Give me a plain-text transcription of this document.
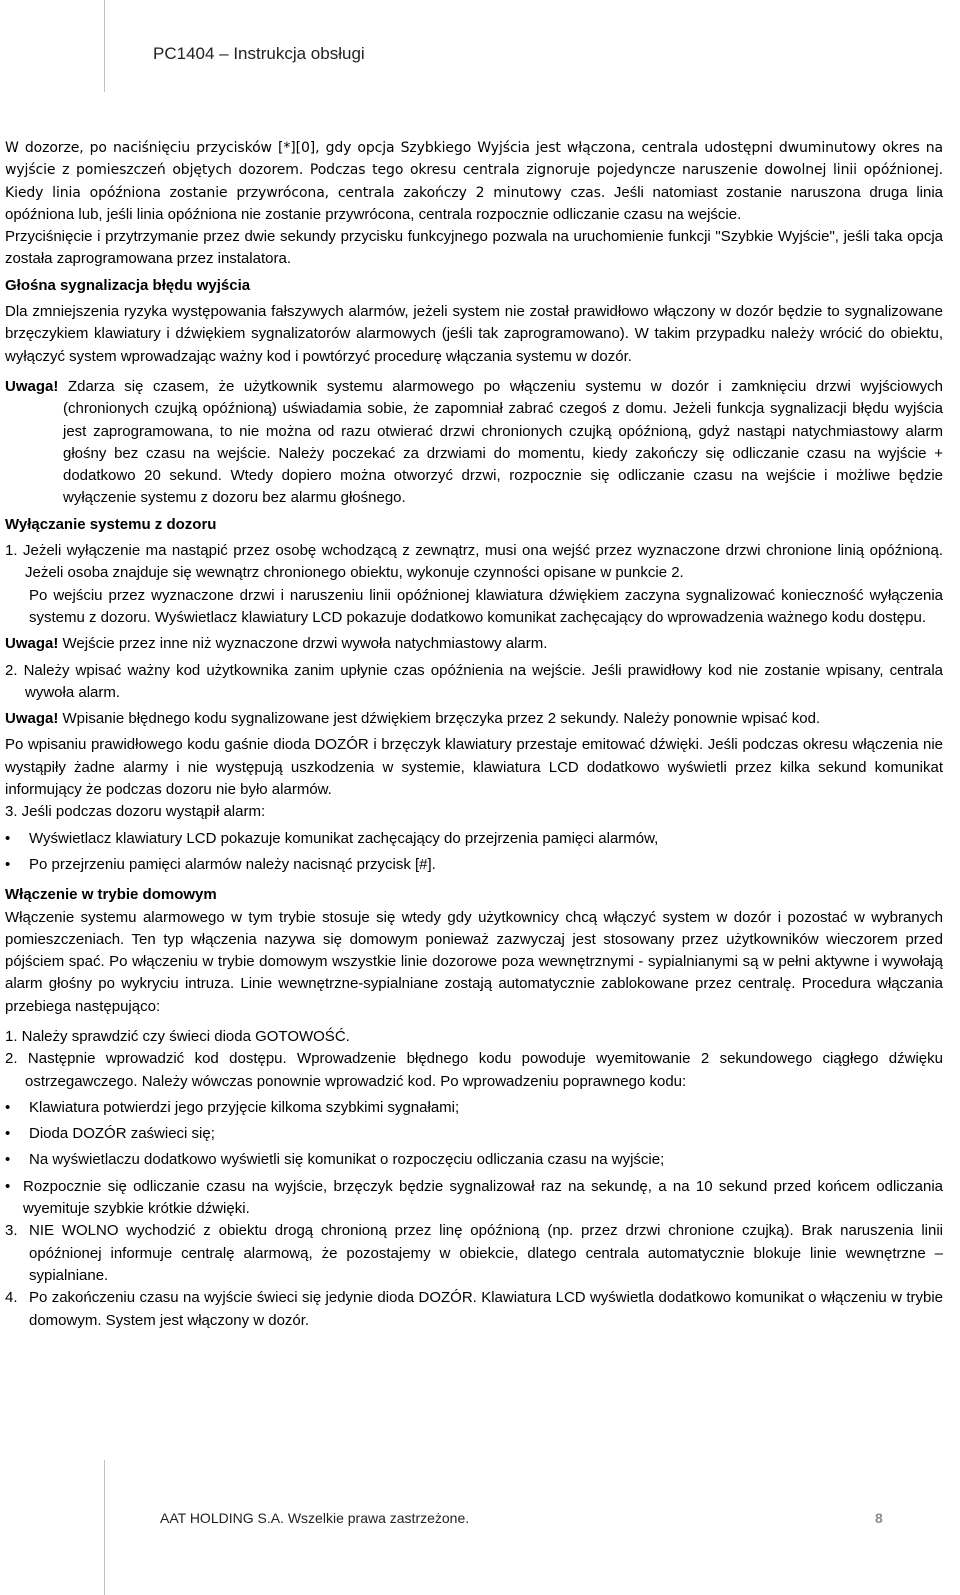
PC1404 – Instrukcja obsługi

W dozorze, po naciśnięciu przycisków [*][0], gdy opcja Szybkiego Wyjścia jest włączona, centrala udostępni dwuminutowy okres na wyjście z pomieszczeń objętych dozorem. Podczas tego okresu centrala zignoruje pojedyncze naruszenie dowolnej linii opóźnionej. Kiedy linia opóźniona zostanie przywrócona, centrala zakończy 2 minutowy czas. Jeśli natomiast zostanie naruszona druga linia opóźniona lub, jeśli linia opóźniona nie zostanie przywrócona, centrala rozpocznie odliczanie czasu na wejście.

Przyciśnięcie i przytrzymanie przez dwie sekundy przycisku funkcyjnego pozwala na uruchomienie funkcji "Szybkie Wyjście", jeśli taka opcja została zaprogramowana przez instalatora.

Głośna sygnalizacja błędu wyjścia

Dla zmniejszenia ryzyka występowania fałszywych alarmów, jeżeli system nie został prawidłowo włączony w dozór będzie to sygnalizowane brzęczykiem klawiatury i dźwiękiem sygnalizatorów alarmowych (jeśli tak zaprogramowano). W takim przypadku należy wrócić do obiektu, wyłączyć system wprowadzając ważny kod i powtórzyć procedurę włączania systemu w dozór.

Uwaga! Zdarza się czasem, że użytkownik systemu alarmowego po włączeniu systemu w dozór i zamknięciu drzwi wyjściowych (chronionych czujką opóźnioną) uświadamia sobie, że zapomniał zabrać czegoś z domu. Jeżeli funkcja sygnalizacji błędu wyjścia jest zaprogramowana, to nie można od razu otwierać drzwi chronionych czujką opóźnioną, gdyż nastąpi natychmiastowy alarm głośny bez czasu na wejście. Należy poczekać za drzwiami do momentu, kiedy zakończy się odliczanie czasu na wyjście + dodatkowo 20 sekund. Wtedy dopiero można otworzyć drzwi, rozpocznie się odliczanie czasu na wejście i możliwe będzie wyłączenie systemu z dozoru bez alarmu głośnego.

Wyłączanie systemu z dozoru

1. Jeżeli wyłączenie ma nastąpić przez osobę wchodzącą z zewnątrz, musi ona wejść przez wyznaczone drzwi chronione linią opóźnioną. Jeżeli osoba znajduje się wewnątrz chronionego obiektu, wykonuje czynności opisane w punkcie 2.

Po wejściu przez wyznaczone drzwi i naruszeniu linii opóźnionej klawiatura dźwiękiem zaczyna sygnalizować konieczność wyłączenia systemu z dozoru. Wyświetlacz klawiatury LCD pokazuje dodatkowo komunikat zachęcający do wprowadzenia ważnego kodu dostępu.

Uwaga! Wejście przez inne niż wyznaczone drzwi wywoła natychmiastowy alarm.

2. Należy wpisać ważny kod użytkownika zanim upłynie czas opóźnienia na wejście. Jeśli prawidłowy kod nie zostanie wpisany, centrala wywoła alarm.

Uwaga! Wpisanie błędnego kodu sygnalizowane jest dźwiękiem brzęczyka przez 2 sekundy. Należy ponownie wpisać kod.

Po wpisaniu prawidłowego kodu gaśnie dioda DOZÓR i brzęczyk klawiatury przestaje emitować dźwięki. Jeśli podczas okresu włączenia nie wystąpiły żadne alarmy i nie występują uszkodzenia w systemie, klawiatura LCD dodatkowo wyświetli przez kilka sekund komunikat informujący że podczas dozoru nie było alarmów.

3. Jeśli podczas dozoru wystąpił alarm:

•	Wyświetlacz klawiatury LCD pokazuje komunikat zachęcający do przejrzenia pamięci alarmów,
•	Po przejrzeniu pamięci alarmów należy nacisnąć przycisk [#].

Włączenie w trybie domowym

Włączenie systemu alarmowego w tym trybie stosuje się wtedy gdy użytkownicy chcą włączyć system w dozór i pozostać w wybranych pomieszczeniach. Ten typ włączenia nazywa się domowym ponieważ zazwyczaj jest stosowany przez użytkowników wieczorem przed pójściem spać. Po włączeniu w trybie domowym wszystkie linie dozorowe poza wewnętrznymi - sypialnianymi są w pełni aktywne i wywołają alarm głośny po wykryciu intruza. Linie wewnętrzne-sypialniane zostają automatycznie zablokowane przez centralę. Procedura włączania przebiega następująco:

1. Należy sprawdzić czy świeci dioda GOTOWOŚĆ.

2. Następnie wprowadzić kod dostępu. Wprowadzenie błędnego kodu powoduje wyemitowanie 2 sekundowego ciągłego dźwięku ostrzegawczego. Należy wówczas ponownie wprowadzić kod. Po wprowadzeniu poprawnego kodu:

•	Klawiatura potwierdzi jego przyjęcie kilkoma szybkimi sygnałami;
•	Dioda DOZÓR zaświeci się;
•	Na wyświetlaczu dodatkowo wyświetli się komunikat o rozpoczęciu odliczania czasu na wyjście;
• Rozpocznie się odliczanie czasu na wyjście, brzęczyk będzie sygnalizował raz na sekundę, a na 10 sekund przed końcem odliczania wyemituje szybkie krótkie dźwięki.
3. NIE WOLNO wychodzić z obiektu drogą chronioną przez linę opóźnioną (np. przez drzwi chronione czujką). Brak naruszenia linii opóźnionej informuje centralę alarmową, że pozostajemy w obiekcie, dlatego centrala automatycznie blokuje linie wewnętrzne – sypialniane.
4. Po zakończeniu czasu na wyjście świeci się jedynie dioda DOZÓR. Klawiatura LCD wyświetla dodatkowo komunikat o włączeniu w trybie domowym. System jest włączony w dozór.
AAT HOLDING S.A. Wszelkie prawa zastrzeżone.	8
